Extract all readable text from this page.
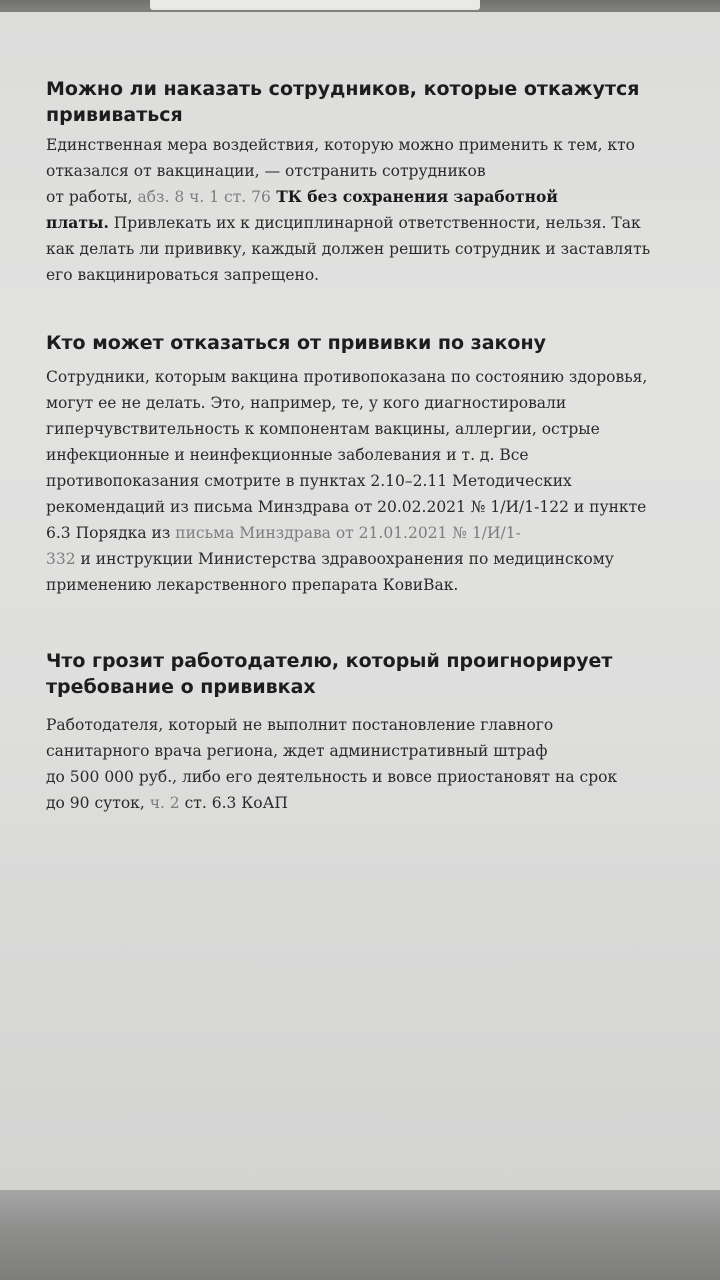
Можно ли наказать сотрудников, которые откажутся
прививаться
Единственная мера воздействия, которую можно применить к тем, кто
отказался от вакцинации, — отстранить сотрудников
от работы, абз. 8 ч. 1 ст. 76 ТК без сохранения заработной
платы. Привлекать их к дисциплинарной ответственности, нельзя. Так
как делать ли прививку, каждый должен решить сотрудник и заставлять
его вакцинироваться запрещено.
Кто может отказаться от прививки по закону
Сотрудники, которым вакцина противопоказана по состоянию здоровья,
могут ее не делать. Это, например, те, у кого диагностировали
гиперчувствительность к компонентам вакцины, аллергии, острые
инфекционные и неинфекционные заболевания и т. д. Все
противопоказания смотрите в пунктах 2.10–2.11 Методических
рекомендаций из письма Минздрава от 20.02.2021 № 1/И/1-122 и пункте
6.3 Порядка из письма Минздрава от 21.01.2021 № 1/И/1-
332 и инструкции Министерства здравоохранения по медицинскому
применению лекарственного препарата КовиВак.
Что грозит работодателю, который проигнорирует
требование о прививках
Работодателя, который не выполнит постановление главного
санитарного врача региона, ждет административный штраф
до 500 000 руб., либо его деятельность и вовсе приостановят на срок
до 90 суток, ч. 2 ст. 6.3 КоАП
